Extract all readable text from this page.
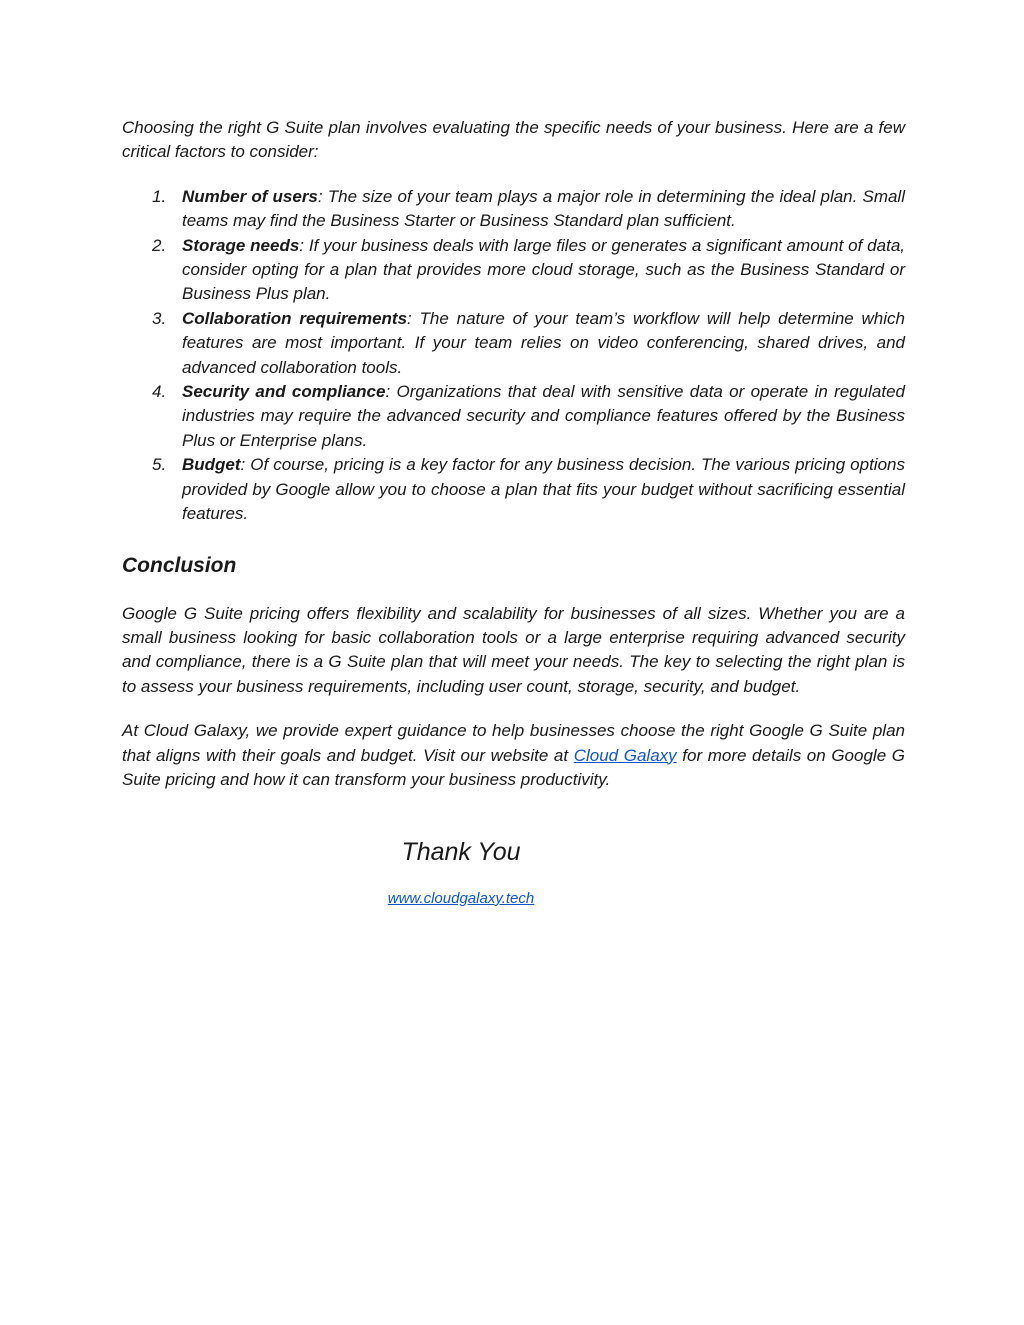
Choosing the right G Suite plan involves evaluating the specific needs of your business. Here are a few critical factors to consider:

1. Number of users: The size of your team plays a major role in determining the ideal plan. Small teams may find the Business Starter or Business Standard plan sufficient.
2. Storage needs: If your business deals with large files or generates a significant amount of data, consider opting for a plan that provides more cloud storage, such as the Business Standard or Business Plus plan.
3. Collaboration requirements: The nature of your team’s workflow will help determine which features are most important. If your team relies on video conferencing, shared drives, and advanced collaboration tools.
4. Security and compliance: Organizations that deal with sensitive data or operate in regulated industries may require the advanced security and compliance features offered by the Business Plus or Enterprise plans.
5. Budget: Of course, pricing is a key factor for any business decision. The various pricing options provided by Google allow you to choose a plan that fits your budget without sacrificing essential features.
Conclusion

Google G Suite pricing offers flexibility and scalability for businesses of all sizes. Whether you are a small business looking for basic collaboration tools or a large enterprise requiring advanced security and compliance, there is a G Suite plan that will meet your needs. The key to selecting the right plan is to assess your business requirements, including user count, storage, security, and budget.

At Cloud Galaxy, we provide expert guidance to help businesses choose the right Google G Suite plan that aligns with their goals and budget. Visit our website at Cloud Galaxy for more details on Google G Suite pricing and how it can transform your business productivity.

Thank You
www.cloudgalaxy.tech
